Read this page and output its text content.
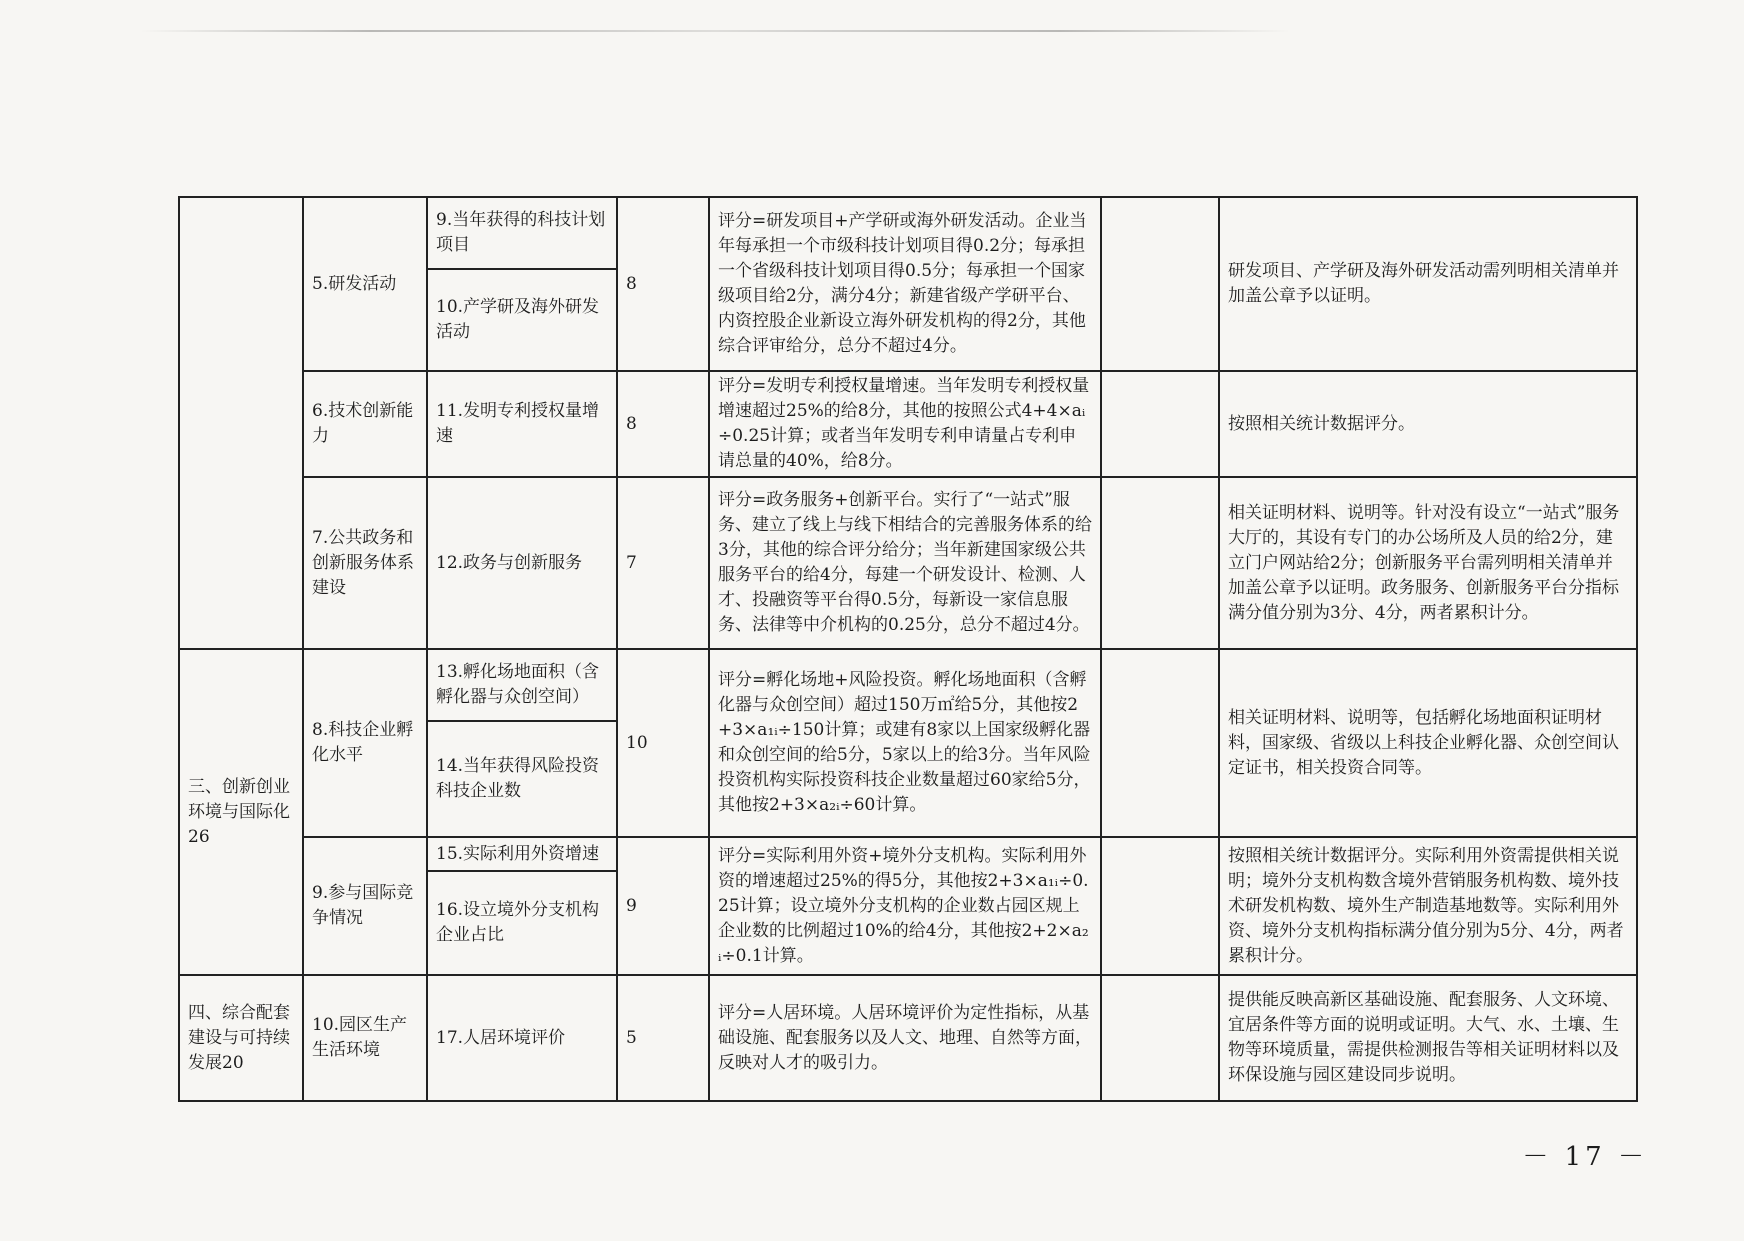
	5.研发活动	9.当年获得的科技计划项目	8	评分=研发项目+产学研或海外研发活动。企业当年每承担一个市级科技计划项目得0.2分；每承担一个省级科技计划项目得0.5分；每承担一个国家级项目给2分，满分4分；新建省级产学研平台、内资控股企业新设立海外研发机构的得2分，其他综合评审给分，总分不超过4分。		研发项目、产学研及海外研发活动需列明相关清单并加盖公章予以证明。
		10.产学研及海外研发活动				
	6.技术创新能力	11.发明专利授权量增速	8	评分=发明专利授权量增速。当年发明专利授权量增速超过25%的给8分，其他的按照公式4+4×aᵢ÷0.25计算；或者当年发明专利申请量占专利申请总量的40%，给8分。		按照相关统计数据评分。
	7.公共政务和创新服务体系建设	12.政务与创新服务	7	评分=政务服务+创新平台。实行了“一站式”服务、建立了线上与线下相结合的完善服务体系的给3分，其他的综合评分给分；当年新建国家级公共服务平台的给4分，每建一个研发设计、检测、人才、投融资等平台得0.5分，每新设一家信息服务、法律等中介机构的0.25分，总分不超过4分。		相关证明材料、说明等。针对没有设立“一站式”服务大厅的，其设有专门的办公场所及人员的给2分，建立门户网站给2分；创新服务平台需列明相关清单并加盖公章予以证明。政务服务、创新服务平台分指标满分值分别为3分、4分，两者累积计分。
三、创新创业环境与国际化26	8.科技企业孵化水平	13.孵化场地面积（含孵化器与众创空间）	10	评分=孵化场地+风险投资。孵化场地面积（含孵化器与众创空间）超过150万㎡给5分，其他按2+3×a₁ᵢ÷150计算；或建有8家以上国家级孵化器和众创空间的给5分，5家以上的给3分。当年风险投资机构实际投资科技企业数量超过60家给5分，其他按2+3×a₂ᵢ÷60计算。		相关证明材料、说明等，包括孵化场地面积证明材料，国家级、省级以上科技企业孵化器、众创空间认定证书，相关投资合同等。
		14.当年获得风险投资科技企业数				
	9.参与国际竞争情况	15.实际利用外资增速	9	评分=实际利用外资+境外分支机构。实际利用外资的增速超过25%的得5分，其他按2+3×a₁ᵢ÷0.25计算；设立境外分支机构的企业数占园区规上企业数的比例超过10%的给4分，其他按2+2×a₂ᵢ÷0.1计算。		按照相关统计数据评分。实际利用外资需提供相关说明；境外分支机构数含境外营销服务机构数、境外技术研发机构数、境外生产制造基地数等。实际利用外资、境外分支机构指标满分值分别为5分、4分，两者累积计分。
		16.设立境外分支机构企业占比				
四、综合配套建设与可持续发展20	10.园区生产生活环境	17.人居环境评价	5	评分=人居环境。人居环境评价为定性指标，从基础设施、配套服务以及人文、地理、自然等方面，反映对人才的吸引力。		提供能反映高新区基础设施、配套服务、人文环境、宜居条件等方面的说明或证明。大气、水、土壤、生物等环境质量，需提供检测报告等相关证明材料以及环保设施与园区建设同步说明。
－ 17 －
